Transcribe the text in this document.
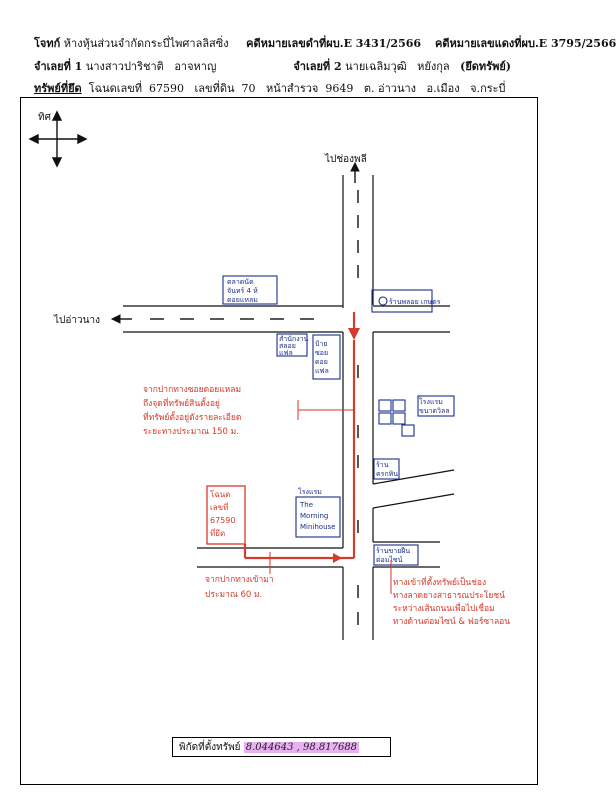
โจทก์ ห้างหุ้นส่วนจำกัดกระบี่ไพศาลลิสซิ่ง คดีหมายเลขดำที่ผบ.E 3431/2566 คดีหมายเลขแดงที่ผบ.E 3795/2566
จำเลยที่ 1 นางสาวปาริชาติ อาจหาญ	จำเลยที่ 2 นายเฉลิมวุฒิ หยังกุล (ยึดทรัพย์)
ทรัพย์ที่ยึด โฉนดเลขที่ 67590 เลขที่ดิน 70 หน้าสำรวจ 9649 ต. อ่าวนาง อ.เมือง จ.กระบี่
ทิศ
ไปช่องพลี
ไปอ่าวนาง
ตลาดนัด
จันทร์ 4 ห้
ดอยแหลม	ร้านพลอย เกษตร
สำนักงาน
สลอย
แฟล
ป้าย
ซอย
ดอย
แฟล
โรงแรม
ขนาดวิลล
ร้าน
ครกหิน
โรงแรม
The
Morning
Minihouse
ร้านขายฝืน
ต่อมไซน์
โฉนด
เลขที่
67590
ที่ยึด
จากปากทางซอยดอยแหลม
ถึงจุดที่ทรัพย์สินตั้งอยู่
ที่ทรัพย์ตั้งอยู่ดังรายละเอียด
ระยะทางประมาณ 150 ม.
จากปากทางเข้ามา
ประมาณ 60 ม.
ทางเข้าที่ตั้งทรัพย์เป็นช่อง
ทางลาดยางสาธารณประโยชน์
ระหว่างเส้นถนนเพื่อไปเชื่อม
ทางด้านต่อมไซน์ & ฟอร์ซาลอน
พิกัดที่ตั้งทรัพย์ 8.044643 , 98.817688
